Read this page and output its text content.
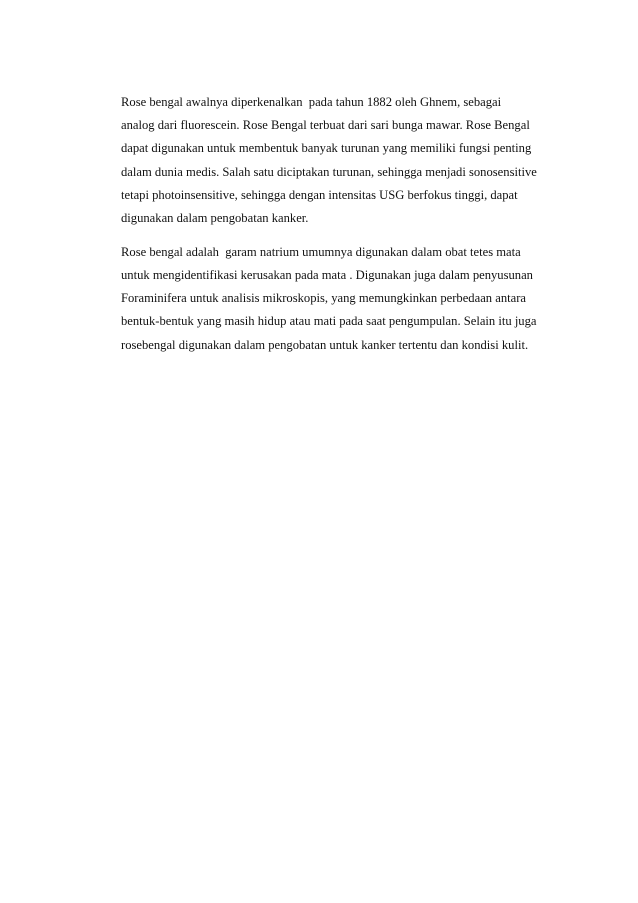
Rose bengal awalnya diperkenalkan  pada tahun 1882 oleh Ghnem, sebagai
analog dari fluorescein. Rose Bengal terbuat dari sari bunga mawar. Rose Bengal
dapat digunakan untuk membentuk banyak turunan yang memiliki fungsi penting
dalam dunia medis. Salah satu diciptakan turunan, sehingga menjadi sonosensitive
tetapi photoinsensitive, sehingga dengan intensitas USG berfokus tinggi, dapat
digunakan dalam pengobatan kanker.

Rose bengal adalah  garam natrium umumnya digunakan dalam obat tetes mata
untuk mengidentifikasi kerusakan pada mata . Digunakan juga dalam penyusunan
Foraminifera untuk analisis mikroskopis, yang memungkinkan perbedaan antara
bentuk-bentuk yang masih hidup atau mati pada saat pengumpulan. Selain itu juga
rosebengal digunakan dalam pengobatan untuk kanker tertentu dan kondisi kulit.
